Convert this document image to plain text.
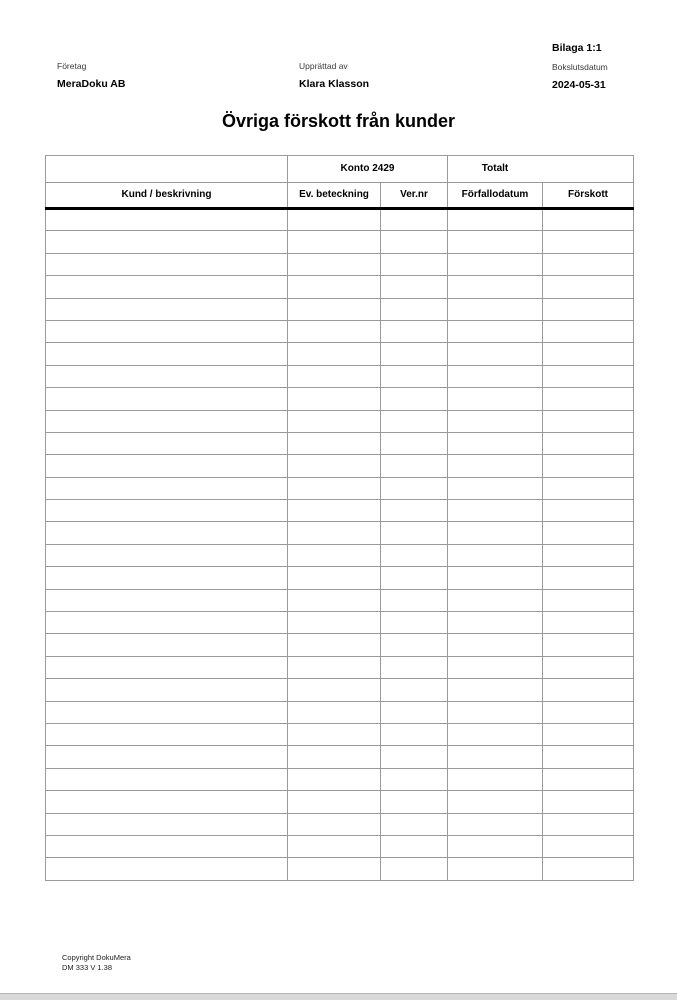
Företag
MeraDoku AB
Upprättad av
Klara Klasson
Bilaga 1:1
Bokslutsdatum
2024-05-31
Övriga förskott från kunder
	Konto 2429		Totalt	
Kund / beskrivning	Ev. beteckning	Ver.nr	Förfallodatum	Förskott

Copyright DokuMera
DM 333 V 1.38
